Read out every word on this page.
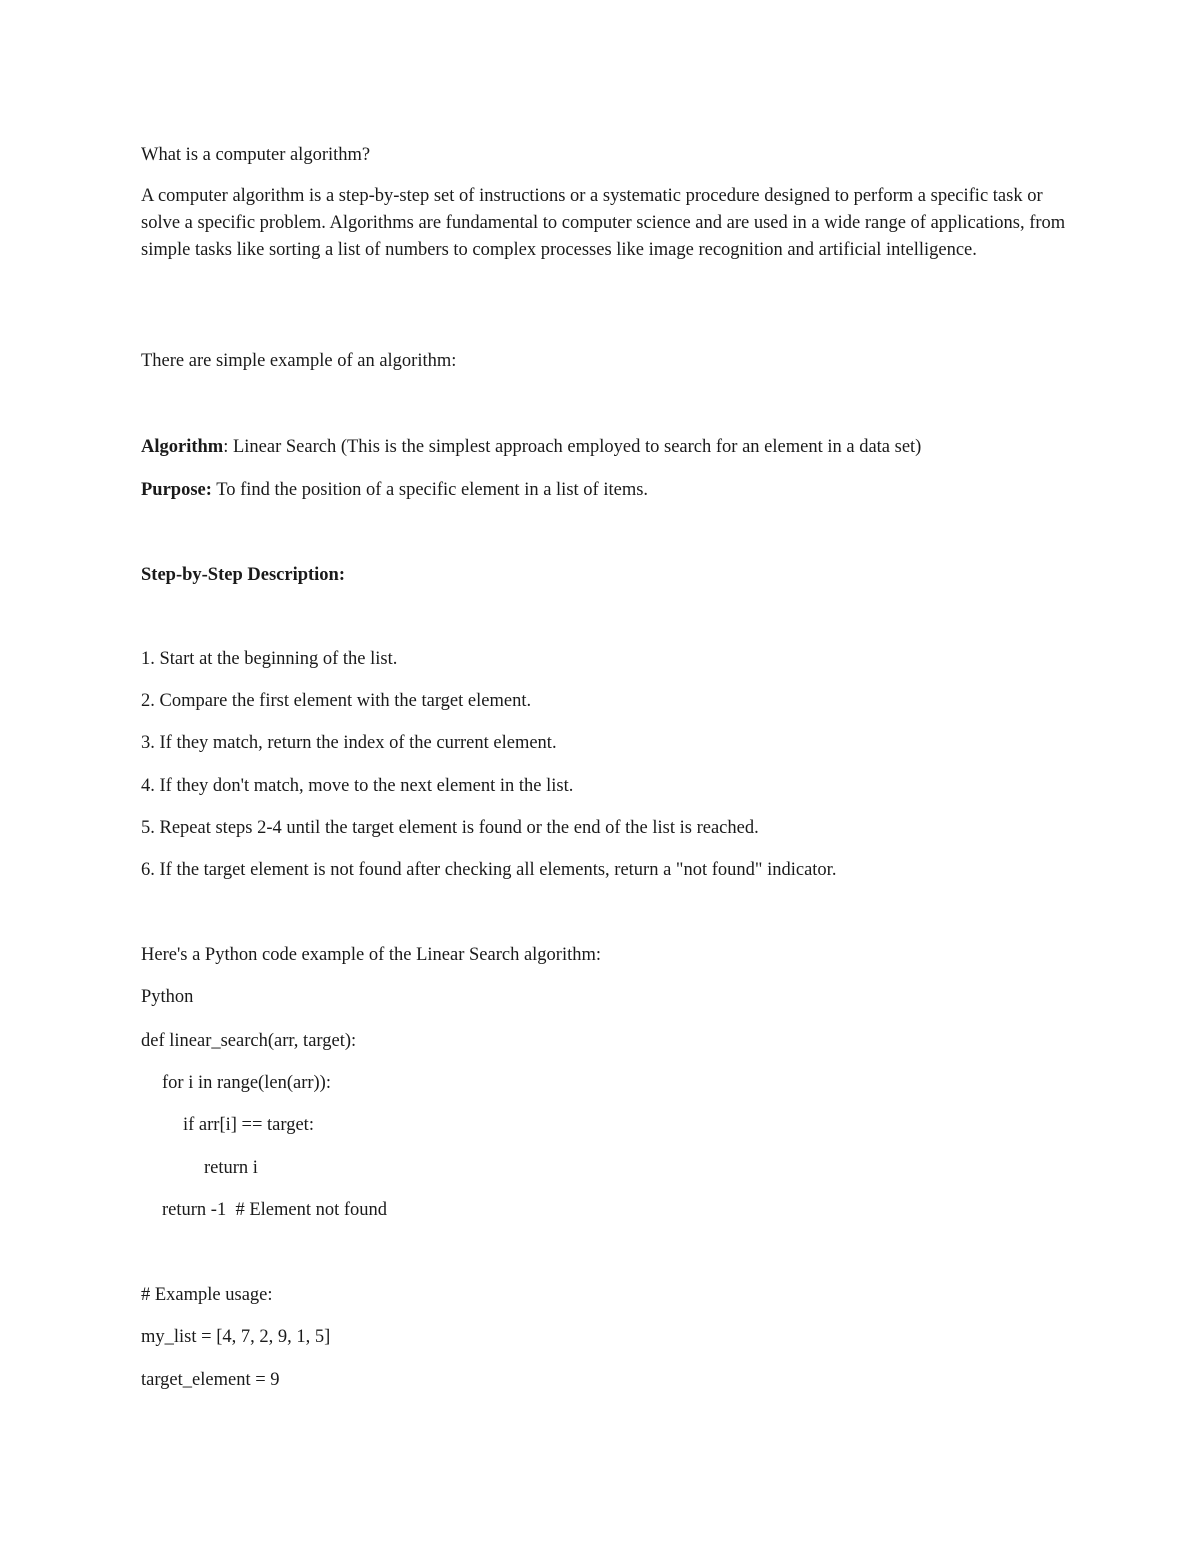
What is a computer algorithm?
A computer algorithm is a step-by-step set of instructions or a systematic procedure designed to perform a specific task or solve a specific problem. Algorithms are fundamental to computer science and are used in a wide range of applications, from simple tasks like sorting a list of numbers to complex processes like image recognition and artificial intelligence.
There are simple example of an algorithm:
Algorithm: Linear Search (This is the simplest approach employed to search for an element in a data set)
Purpose: To find the position of a specific element in a list of items.
Step-by-Step Description:
1. Start at the beginning of the list.
2. Compare the first element with the target element.
3. If they match, return the index of the current element.
4. If they don't match, move to the next element in the list.
5. Repeat steps 2-4 until the target element is found or the end of the list is reached.
6. If the target element is not found after checking all elements, return a "not found" indicator.
Here's a Python code example of the Linear Search algorithm:
Python
def linear_search(arr, target):
for i in range(len(arr)):
if arr[i] == target:
return i
return -1  # Element not found
# Example usage:
my_list = [4, 7, 2, 9, 1, 5]
target_element = 9
